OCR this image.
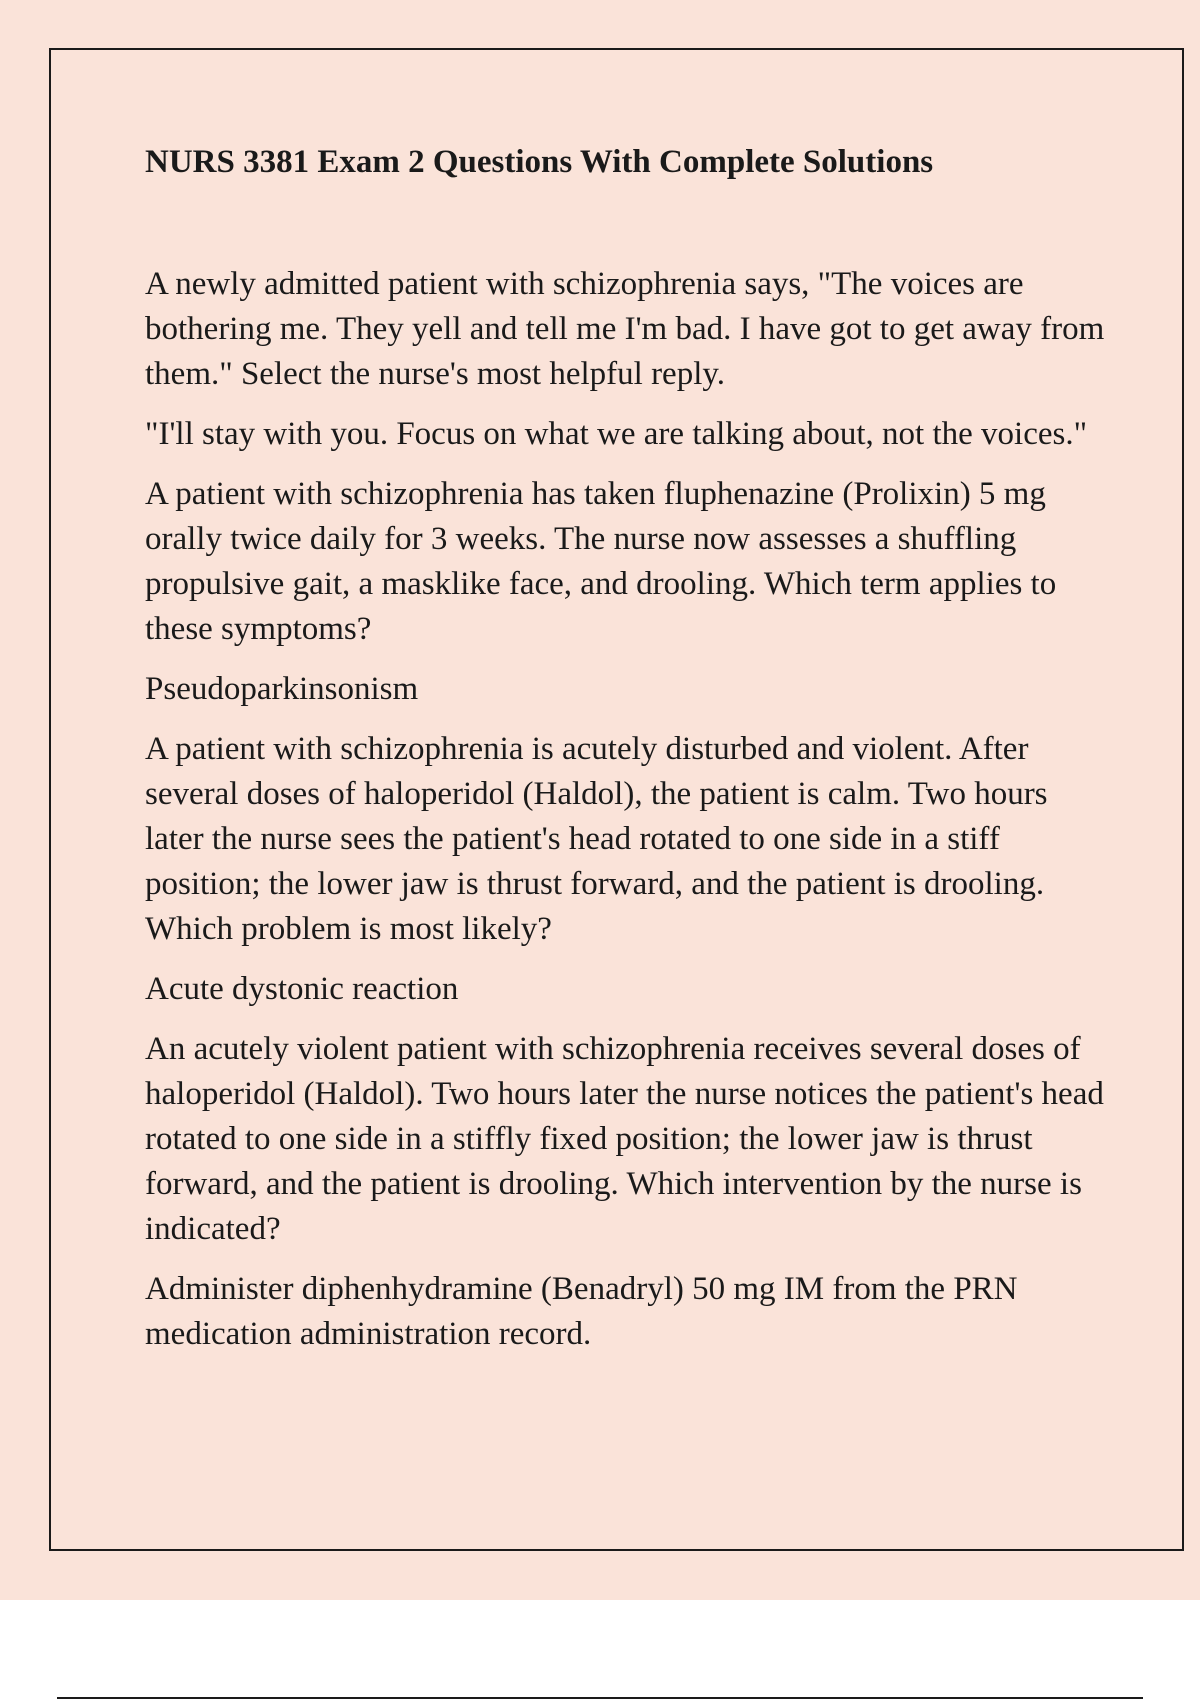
NURS 3381 Exam 2 Questions With Complete Solutions

A newly admitted patient with schizophrenia says, "The voices are bothering me. They yell and tell me I'm bad. I have got to get away from them." Select the nurse's most helpful reply.

"I'll stay with you. Focus on what we are talking about, not the voices."

A patient with schizophrenia has taken fluphenazine (Prolixin) 5 mg orally twice daily for 3 weeks. The nurse now assesses a shuffling propulsive gait, a masklike face, and drooling. Which term applies to these symptoms?

Pseudoparkinsonism

A patient with schizophrenia is acutely disturbed and violent. After several doses of haloperidol (Haldol), the patient is calm. Two hours later the nurse sees the patient's head rotated to one side in a stiff position; the lower jaw is thrust forward, and the patient is drooling. Which problem is most likely?

Acute dystonic reaction

An acutely violent patient with schizophrenia receives several doses of haloperidol (Haldol). Two hours later the nurse notices the patient's head rotated to one side in a stiffly fixed position; the lower jaw is thrust forward, and the patient is drooling. Which intervention by the nurse is indicated?

Administer diphenhydramine (Benadryl) 50 mg IM from the PRN medication administration record.
